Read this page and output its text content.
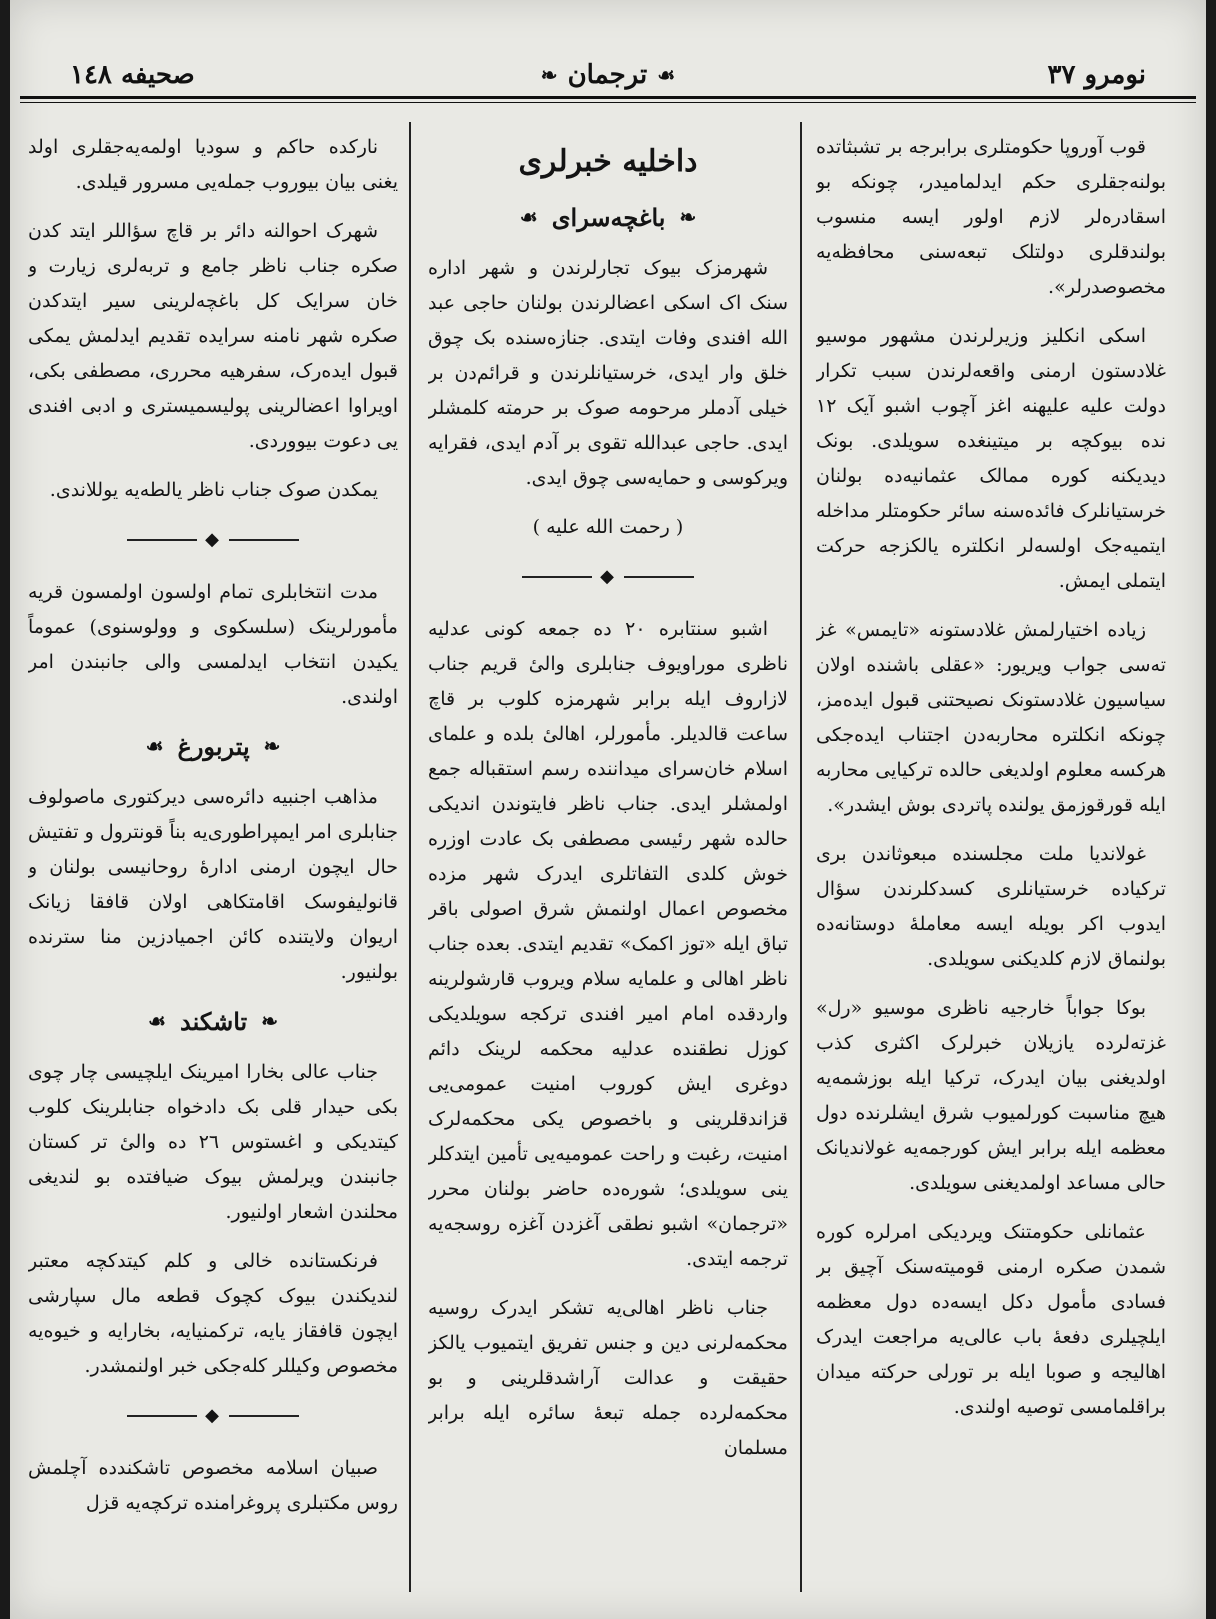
نومرو ٣٧
☙
ترجمان
❧
صحیفه ١٤٨

قوب آوروپا حکومتلری برابرجه بر تشبثاتده بولنه‌جقلری حکم ایدلمامیدر، چونکه بو اسقادره‌لر لازم اولور ایسه منسوب بولندقلری دولتلک تبعه‌سنی محافظه‌یه مخصوصدرلر».

اسکی انکلیز وزیرلرندن مشهور موسیو غلادستون ارمنی واقعه‌لرندن سبب تکرار دولت علیه علیهنه اغز آچوب اشبو آیک ١٢ نده بیوکچه بر میتینغده سویلدی. بونک دیدیکنه کوره ممالک عثمانیه‌ده بولنان خرستیانلرک فائده‌سنه سائر حکومتلر مداخله ایتمیه‌جک اولسه‌لر انکلتره یالکزجه حرکت ایتملی ایمش.

زیاده اختیارلمش غلادستونه «تایمس» غز ته‌سی جواب ویریور: «عقلی باشنده اولان سیاسیون غلادستونک نصیحتنی قبول ایده‌مز، چونکه انکلتره محاربه‌دن اجتناب ایده‌جکی هرکسه معلوم اولدیغی حالده ترکیایی محاربه ایله قورقوزمق یولنده پاتردی بوش ایشدر».

غولاندیا ملت مجلسنده مبعوثاندن بری ترکیاده خرستیانلری کسدکلرندن سؤال ایدوب اکر بویله ایسه معاملهٔ دوستانه‌ده بولنماق لازم کلدیکنی سویلدی.

بوکا جواباً خارجیه ناظری موسیو «رل» غزته‌لرده یازیلان خبرلرک اکثری کذب اولدیغنی بیان ایدرک، ترکیا ایله بوزشمه‌یه هیچ مناسبت کورلمیوب شرق ایشلرنده دول معظمه ایله برابر ایش کورجمه‌یه غولاندیانک حالی مساعد اولمدیغنی سویلدی.

عثمانلی حکومتنک ویردیکی امرلره کوره شمدن صکره ارمنی قومیته‌سنک آچیق بر فسادی مأمول دکل ایسه‌ده دول معظمه ایلچیلری دفعهٔ باب عالی‌یه مراجعت ایدرک اهالیجه و صوبا ایله بر تورلی حرکته میدان براقلمامسی توصیه اولندی.

داخلیه خبرلری
❧
باغچه‌سرای
☙

شهرمزک بیوک تجارلرندن و شهر اداره سنک اک اسکی اعضالرندن بولنان حاجی عبد الله افندی وفات ایتدی. جنازه‌سنده بک چوق خلق وار ایدی، خرستیانلرندن و قرائم‌دن بر خیلی آدملر مرحومه صوک بر حرمته کلمشلر ایدی. حاجی عبدالله تقوی بر آدم ایدی، فقرایه ویرکوسی و حمایه‌سی چوق ایدی.

( رحمت الله علیه )
◆

اشبو سنتابره ٢٠ ده جمعه کونی عدلیه ناظری موراویوف جنابلری والیٔ قریم جناب لازاروف ایله برابر شهرمزه کلوب بر قاچ ساعت قالدیلر. مأمورلر، اهالیٔ بلده و علمای اسلام خان‌سرای میداننده رسم استقباله جمع اولمشلر ایدی. جناب ناظر فایتوندن اندیکی حالده شهر رئیسی مصطفی بک عادت اوزره خوش کلدی التفاتلری ایدرک شهر مزده مخصوص اعمال اولنمش شرق اصولی باقر تباق ایله «توز اکمک» تقدیم ایتدی. بعده جناب ناظر اهالی و علمایه سلام ویروب قارشولرینه واردقده امام امیر افندی ترکجه سویلدیکی کوزل نطقنده عدلیه محکمه لرینک دائم دوغری ایش کوروب امنیت عمومی‌یی قزاندقلرینی و باخصوص یکی محکمه‌لرک امنیت، رغبت و راحت عمومیه‌یی تأمین ایتدکلر ینی سویلدی؛ شوره‌ده حاضر بولنان محرر «ترجمان» اشبو نطقی آغزدن آغزه روسجه‌یه ترجمه ایتدی.

جناب ناظر اهالی‌یه تشکر ایدرک روسیه محکمه‌لرنی دین و جنس تفریق ایتمیوب یالکز حقیقت و عدالت آراشدقلرینی و بو محکمه‌لرده جمله تبعهٔ سائره ایله برابر مسلمان

نارکده حاکم و سودیا اولمه‌یه‌جقلری اولد یغنی بیان بیوروب جمله‌یی مسرور قیلدی.

شهرک احوالنه دائر بر قاچ سؤاللر ایتد کدن صکره جناب ناظر جامع و تربه‌لری زیارت و خان سرایک کل باغچه‌لرینی سیر ایتدکدن صکره شهر نامنه سرایده تقدیم ایدلمش یمکی قبول ایده‌رک، سفرهیه محرری، مصطفی بکی، اویراوا اعضالرینی پولیسمیستری و ادبی افندی یی دعوت بیووردی.

یمکدن صوک جناب ناظر یالطه‌یه یوللاندی.

◆

مدت انتخابلری تمام اولسون اولمسون قریه مأمورلرینک (سلسکوی و وولوسنوی) عموماً یکیدن انتخاب ایدلمسی والی جانبندن امر اولندی.

❧
پتربورغ
☙

مذاهب اجنبیه دائره‌سی دیرکتوری ماصولوف جنابلری امر ایمپراطوری‌یه بناً قونترول و تفتیش حال ایچون ارمنی ادارهٔ روحانیسی بولنان و قانولیفوسک اقامتکاهی اولان قافقا زیانک اریوان ولایتنده کائن اجمیادزین منا سترنده بولنیور.

❧
تاشکند
☙

جناب عالی بخارا امیرینک ایلچیسی چار چوی بکی حیدار قلی بک دادخواه جنابلرینک کلوب کیتدیکی و اغستوس ٢٦ ده والیٔ تر کستان جانبندن ویرلمش بیوک ضیافتده بو لندیغی محلندن اشعار اولنیور.

فرنکستانده خالی و کلم کیتدکچه معتبر لندیکندن بیوک کچوک قطعه مال سپارشی ایچون قافقاز یایه، ترکمنیایه، بخارایه و خیوه‌یه مخصوص وکیللر کله‌جکی خبر اولنمشدر.

◆

صبیان اسلامه مخصوص تاشکندده آچلمش روس مکتبلری پروغرامنده ترکچه‌یه قزل
